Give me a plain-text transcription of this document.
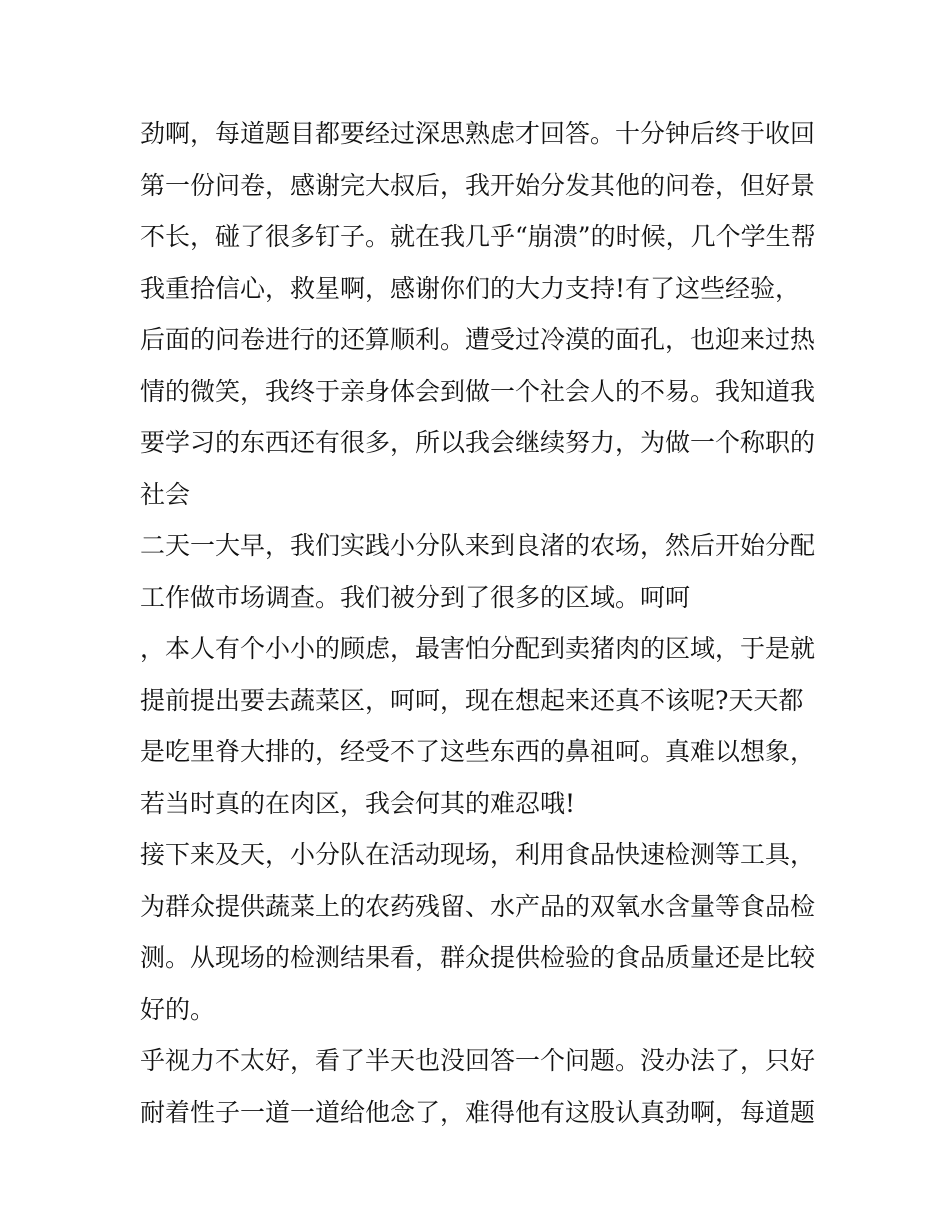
劲啊，每道题目都要经过深思熟虑才回答。十分钟后终于收回
第一份问卷，感谢完大叔后，我开始分发其他的问卷，但好景
不长，碰了很多钉子。就在我几乎“崩溃”的时候，几个学生帮
我重拾信心，救星啊，感谢你们的大力支持!有了这些经验，
后面的问卷进行的还算顺利。遭受过冷漠的面孔，也迎来过热
情的微笑，我终于亲身体会到做一个社会人的不易。我知道我
要学习的东西还有很多，所以我会继续努力，为做一个称职的
社会
二天一大早，我们实践小分队来到良渚的农场，然后开始分配
工作做市场调查。我们被分到了很多的区域。呵呵
，本人有个小小的顾虑，最害怕分配到卖猪肉的区域，于是就
提前提出要去蔬菜区，呵呵，现在想起来还真不该呢?天天都
是吃里脊大排的，经受不了这些东西的鼻祖呵。真难以想象，
若当时真的在肉区，我会何其的难忍哦!
接下来及天，小分队在活动现场，利用食品快速检测等工具，
为群众提供蔬菜上的农药残留、水产品的双氧水含量等食品检
测。从现场的检测结果看，群众提供检验的食品质量还是比较
好的。
乎视力不太好，看了半天也没回答一个问题。没办法了，只好
耐着性子一道一道给他念了，难得他有这股认真劲啊，每道题
